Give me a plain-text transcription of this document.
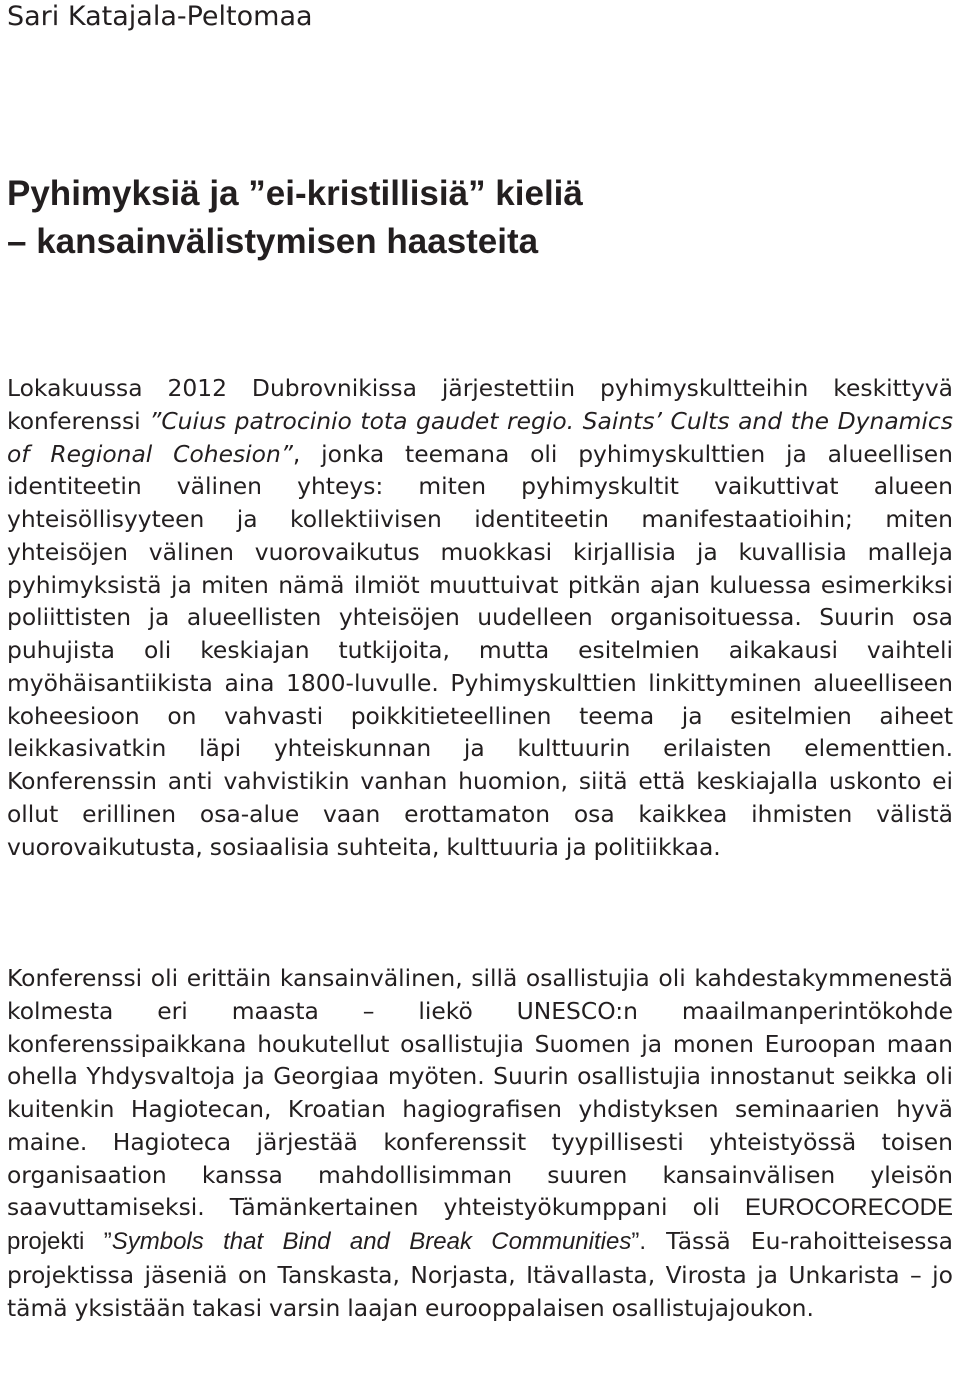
Sari Katajala-Peltomaa
Pyhimyksiä ja ”ei-kristillisiä” kieliä
– kansainvälistymisen haasteita

Lokakuussa 2012 Dubrovnikissa järjestettiin pyhimyskultteihin keskittyvä konferenssi ”Cuius patrocinio tota gaudet regio. Saints’ Cults and the Dynamics of Regional Cohesion”, jonka teemana oli pyhimyskulttien ja alueellisen identiteetin välinen yhteys: miten pyhimyskultit vaikuttivat alueen yhteisöllisyyteen ja kollektiivisen identiteetin manifestaatioihin; miten yhteisöjen välinen vuorovaikutus muokkasi kirjallisia ja kuvallisia malleja pyhimyksistä ja miten nämä ilmiöt muuttuivat pitkän ajan kuluessa esimerkiksi poliittisten ja alueellisten yhteisöjen uudelleen organisoituessa. Suurin osa puhujista oli keskiajan tutkijoita, mutta esitelmien aikakausi vaihteli myöhäisantiikista aina 1800-luvulle. Pyhimyskulttien linkittyminen alueelliseen koheesioon on vahvasti poikkitieteellinen teema ja esitelmien aiheet leikkasivatkin läpi yhteiskunnan ja kulttuurin erilaisten elementtien. Konferenssin anti vahvistikin vanhan huomion, siitä että keskiajalla uskonto ei ollut erillinen osa-alue vaan erottamaton osa kaikkea ihmisten välistä vuorovaikutusta, sosiaalisia suhteita, kulttuuria ja politiikkaa.

Konferenssi oli erittäin kansainvälinen, sillä osallistujia oli kahdestakymmenestä kolmesta eri maasta – liekö UNESCO:n maailmanperintökohde konferenssipaikkana houkutellut osallistujia Suomen ja monen Euroopan maan ohella Yhdysvaltoja ja Georgiaa myöten. Suurin osallistujia innostanut seikka oli kuitenkin Hagiotecan, Kroatian hagiografisen yhdistyksen seminaarien hyvä maine. Hagioteca järjestää konferenssit tyypillisesti yhteistyössä toisen organisaation kanssa mahdollisimman suuren kansainvälisen yleisön saavuttamiseksi. Tämänkertainen yhteistyökumppani oli EUROCORECODE projekti ”Symbols that Bind and Break Communities”. Tässä Eu-rahoitteisessa projektissa jäseniä on Tanskasta, Norjasta, Itävallasta, Virosta ja Unkarista – jo tämä yksistään takasi varsin laajan eurooppalaisen osallistujajoukon.
